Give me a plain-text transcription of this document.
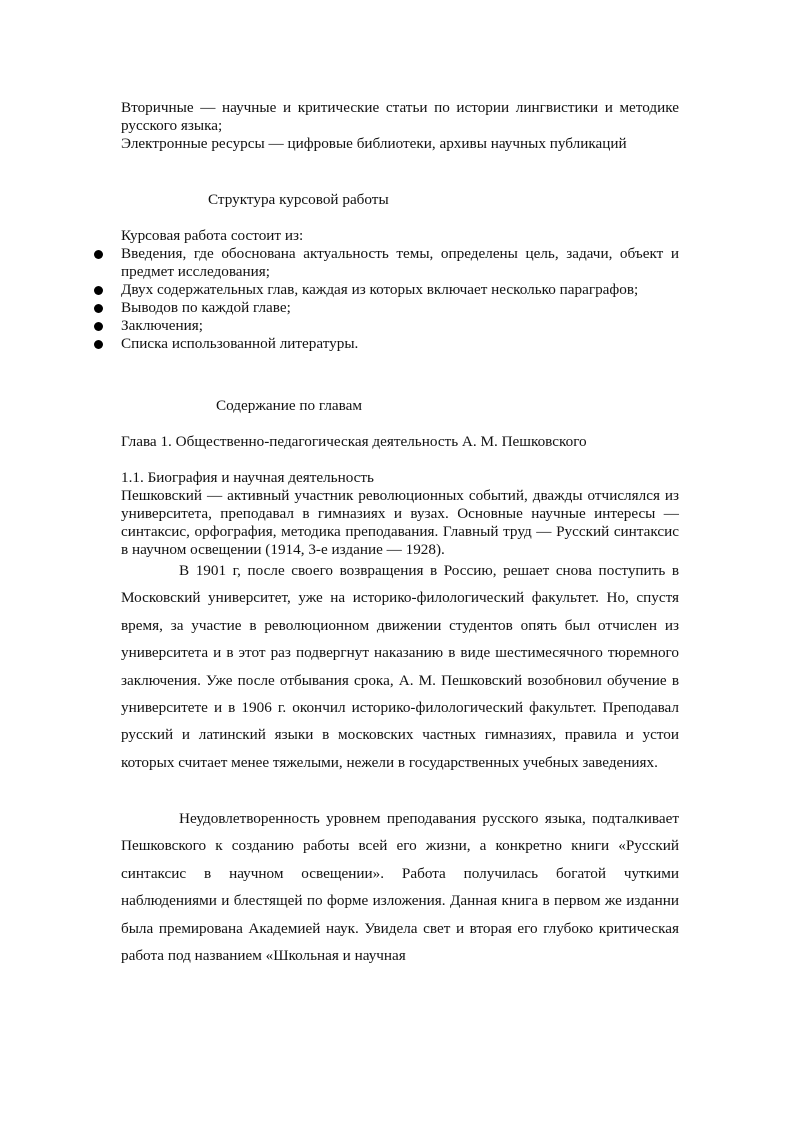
Вторичные — научные и критические статьи по истории лингвистики и методике русского языка;
Электронные ресурсы — цифровые библиотеки, архивы научных публикаций
Структура курсовой работы
Курсовая работа состоит из:
Введения, где обоснована актуальность темы, определены цель, задачи, объект и предмет исследования;
Двух содержательных глав, каждая из которых включает несколько параграфов;
Выводов по каждой главе;
Заключения;
Списка использованной литературы.
Содержание по главам
Глава 1. Общественно-педагогическая деятельность А. М. Пешковского
1.1. Биография и научная деятельность
Пешковский — активный участник революционных событий, дважды отчислялся из университета, преподавал в гимназиях и вузах. Основные научные интересы — синтаксис, орфография, методика преподавания. Главный труд — Русский синтаксис в научном освещении (1914, 3-е издание — 1928).
В 1901 г, после своего возвращения в Россию, решает снова поступить в Московский университет, уже на историко-филологический факультет. Но, спустя время, за участие в революционном движении студентов опять был отчислен из университета и в этот раз подвергнут наказанию в виде шестимесячного тюремного заключения. Уже после отбывания срока, А. М. Пешковский возобновил обучение в университете и в 1906 г. окончил историко-филологический факультет. Преподавал русский и латинский языки в московских частных гимназиях, правила и устои которых считает менее тяжелыми, нежели в государственных учебных заведениях.
Неудовлетворенность уровнем преподавания русского языка, подталкивает Пешковского к созданию работы всей его жизни, а конкретно книги «Русский синтаксис в научном освещении». Работа получилась богатой чуткими наблюдениями и блестящей по форме изложения. Данная книга в первом же изданни была премирована Академией наук. Увидела свет и вторая его глубоко критическая работа под названием «Школьная и научная
